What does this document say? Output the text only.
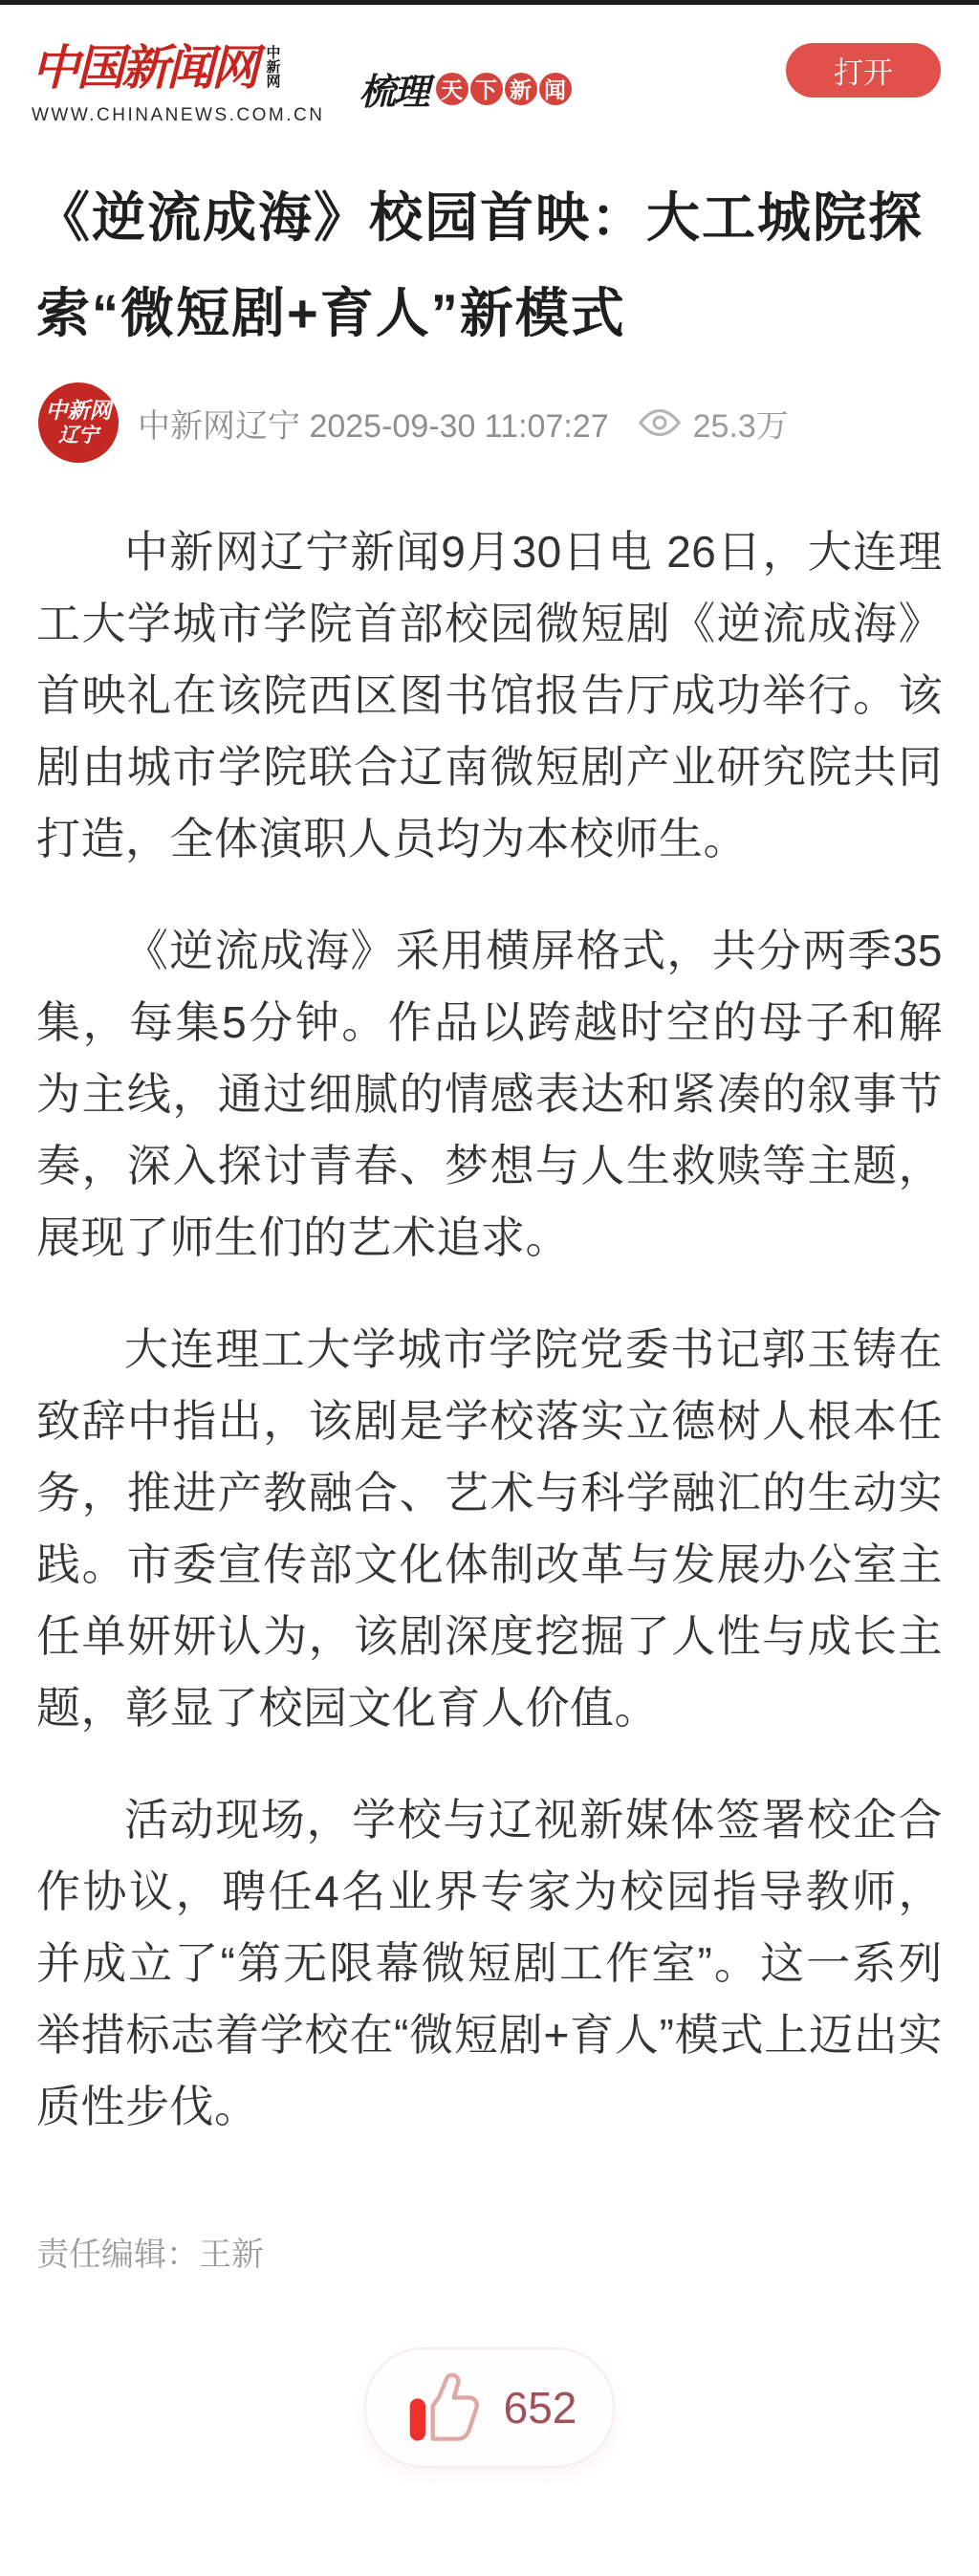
中国新闻网 中新网
WWW.CHINANEWS.COM.CN
梳理 天 下 新 闻	打开
《逆流成海》校园首映：大工城院探索“微短剧+育人”新模式
中新网
辽宁 中新网辽宁 2025-09-30 11:07:27	25.3万

中新网辽宁新闻9月30日电 26日，大连理工大学城市学院首部校园微短剧《逆流成海》首映礼在该院西区图书馆报告厅成功举行。该剧由城市学院联合辽南微短剧产业研究院共同打造，全体演职人员均为本校师生。

《逆流成海》采用横屏格式，共分两季35集，每集5分钟。作品以跨越时空的母子和解为主线，通过细腻的情感表达和紧凑的叙事节奏，深入探讨青春、梦想与人生救赎等主题，展现了师生们的艺术追求。

大连理工大学城市学院党委书记郭玉铸在致辞中指出，该剧是学校落实立德树人根本任务，推进产教融合、艺术与科学融汇的生动实践。市委宣传部文化体制改革与发展办公室主任单妍妍认为，该剧深度挖掘了人性与成长主题，彰显了校园文化育人价值。

活动现场，学校与辽视新媒体签署校企合作协议，聘任4名业界专家为校园指导教师，并成立了“第无限幕微短剧工作室”。这一系列举措标志着学校在“微短剧+育人”模式上迈出实质性步伐。

责任编辑：王新
652
